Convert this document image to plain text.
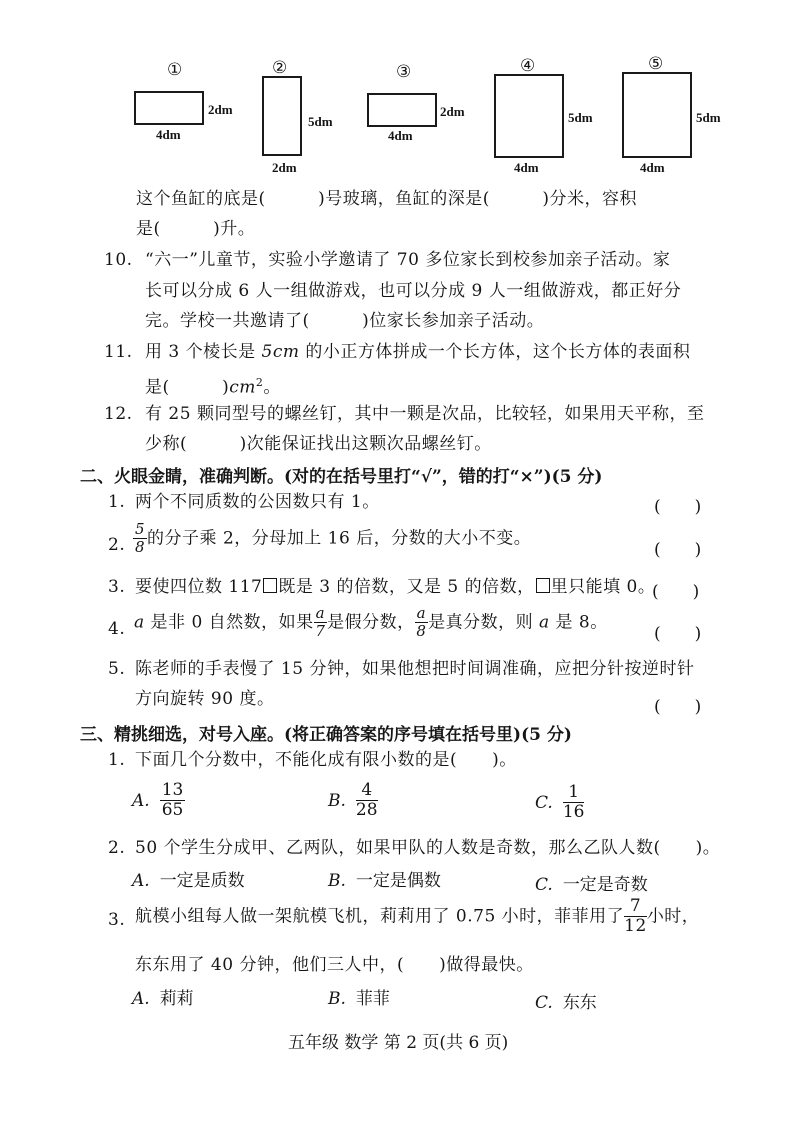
①
2dm
4dm
②
5dm
2dm
③
2dm
4dm
④
5dm
4dm
⑤
5dm
4dm
这个鱼缸的底是(　　　)号玻璃，鱼缸的深是(　　　)分米，容积
是(　　　)升。
10. “六一”儿童节，实验小学邀请了 70 多位家长到校参加亲子活动。家
长可以分成 6 人一组做游戏，也可以分成 9 人一组做游戏，都正好分
完。学校一共邀请了(　　　)位家长参加亲子活动。
11. 用 3 个棱长是 5cm 的小正方体拼成一个长方体，这个长方体的表面积
是(　　　)$cm^2$。
12. 有 25 颗同型号的螺丝钉，其中一颗是次品，比较轻，如果用天平称，至
少称(　　　)次能保证找出这颗次品螺丝钉。
二、火眼金睛，准确判断。(对的在括号里打“√”，错的打“×”)(5 分)
1. 两个不同质数的公因数只有 1。	(　　)
2. $\frac{5}{8}$ 的分子乘 2，分母加上 16 后，分数的大小不变。
(　　)
3. 要使四位数 117 既是 3 的倍数，又是 5 的倍数， 里只能填 0。
(　　)
4. a 是非 0 自然数，如果 $\frac{a}{7}$ 是假分数， $\frac{a}{8}$ 是真分数，则 a 是 8。
(　　)
5. 陈老师的手表慢了 15 分钟，如果他想把时间调准确，应把分针按逆时针
方向旋转 90 度。	(　　)
三、精挑细选，对号入座。(将正确答案的序号填在括号里)(5 分)
1. 下面几个分数中，不能化成有限小数的是(　　)。
A. $\frac{13}{65}$	B. $\frac{4}{28}$	C. $\frac{1}{16}$
2. 50 个学生分成甲、乙两队，如果甲队的人数是奇数，那么乙队人数(　　)。
A. 一定是质数	B. 一定是偶数	C. 一定是奇数
3. 航模小组每人做一架航模飞机，莉莉用了 0.75 小时，菲菲用了 $\frac{7}{12}$ 小时，
东东用了 40 分钟，他们三人中，(　　)做得最快。
A. 莉莉	B. 菲菲	C. 东东
五年级 数学 第 2 页(共 6 页)
